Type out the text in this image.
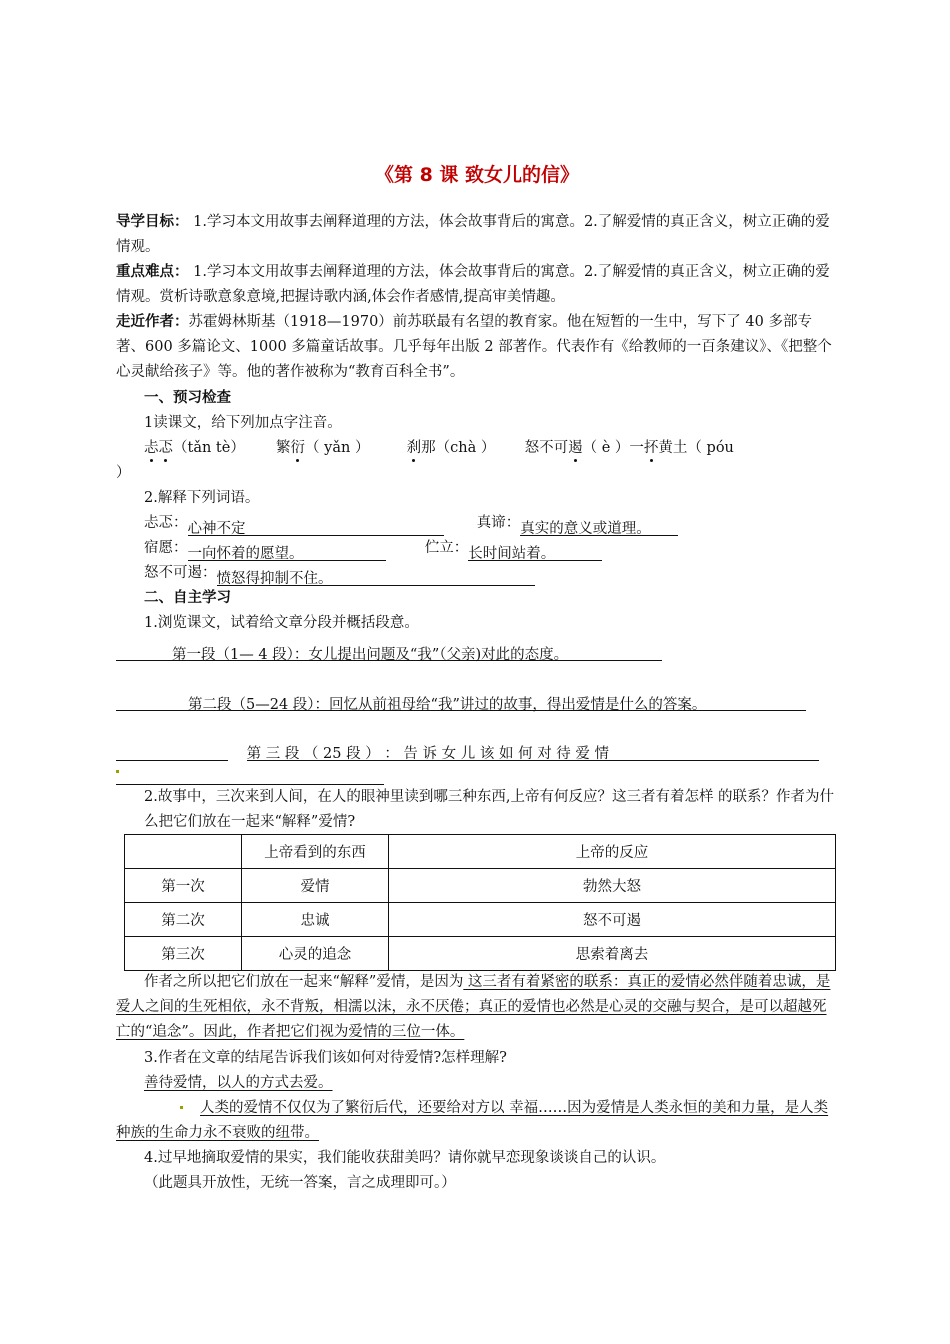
《第 8 课 致女儿的信》
导学目标： 1.学习本文用故事去阐释道理的方法，体会故事背后的寓意。2.了解爱情的真正含义，树立正确的爱情观。
重点难点： 1.学习本文用故事去阐释道理的方法，体会故事背后的寓意。2.了解爱情的真正含义，树立正确的爱情观。赏析诗歌意象意境,把握诗歌内涵,体会作者感情,提高审美情趣。
走近作者：苏霍姆林斯基（1918—1970）前苏联最有名望的教育家。他在短暂的一生中，写下了 40 多部专著、600 多篇论文、1000 多篇童话故事。几乎每年出版 2 部著作。代表作有《给教师的一百条建议》、《把整个心灵献给孩子》等。他的著作被称为“教育百科全书”。
一、预习检查
1读课文，给下列加点字注音。
忐忑（tǎn tè） 繁衍（ yǎn ）	刹那（chà ） 怒不可遏（ è ）一抔黄土（ póu
）
2.解释下列词语。
忐忑：心神不定	真谛：真实的意义或道理。
宿愿：一向怀着的愿望。	伫立：长时间站着。
怒不可遏：愤怒得抑制不住。
二、自主学习
1.浏览课文，试着给文章分段并概括段意。
第一段（1— 4 段）：女儿提出问题及“我”（父亲)对此的态度。
第二段（5—24 段）：回忆从前祖母给“我”讲过的故事，得出爱情是什么的答案。
第 三 段 （ 25 段 ） ： 告 诉 女 儿 该 如 何 对 待 爱 情
2.故事中，三次来到人间，在人的眼神里读到哪三种东西,上帝有何反应？这三者有着怎样 的联系？作者为什么把它们放在一起来“解释”爱情?
	上帝看到的东西	上帝的反应
第一次	爱情	勃然大怒
第二次	忠诚	怒不可遏
第三次	心灵的追念	思索着离去
作者之所以把它们放在一起来“解释”爱情，是因为 这三者有着紧密的联系：真正的爱情必然伴随着忠诚，是爱人之间的生死相依，永不背叛，相濡以沫，永不厌倦；真正的爱情也必然是心灵的交融与契合，是可以超越死亡的“追念”。因此，作者把它们视为爱情的三位一体。
3.作者在文章的结尾告诉我们该如何对待爱情?怎样理解?
善待爱情，以人的方式去爱。
人类的爱情不仅仅为了繁衍后代，还要给对方以 幸福……因为爱情是人类永恒的美和力量，是人类种族的生命力永不衰败的纽带。
4.过早地摘取爱情的果实，我们能收获甜美吗？请你就早恋现象谈谈自己的认识。
（此题具开放性，无统一答案，言之成理即可。）
